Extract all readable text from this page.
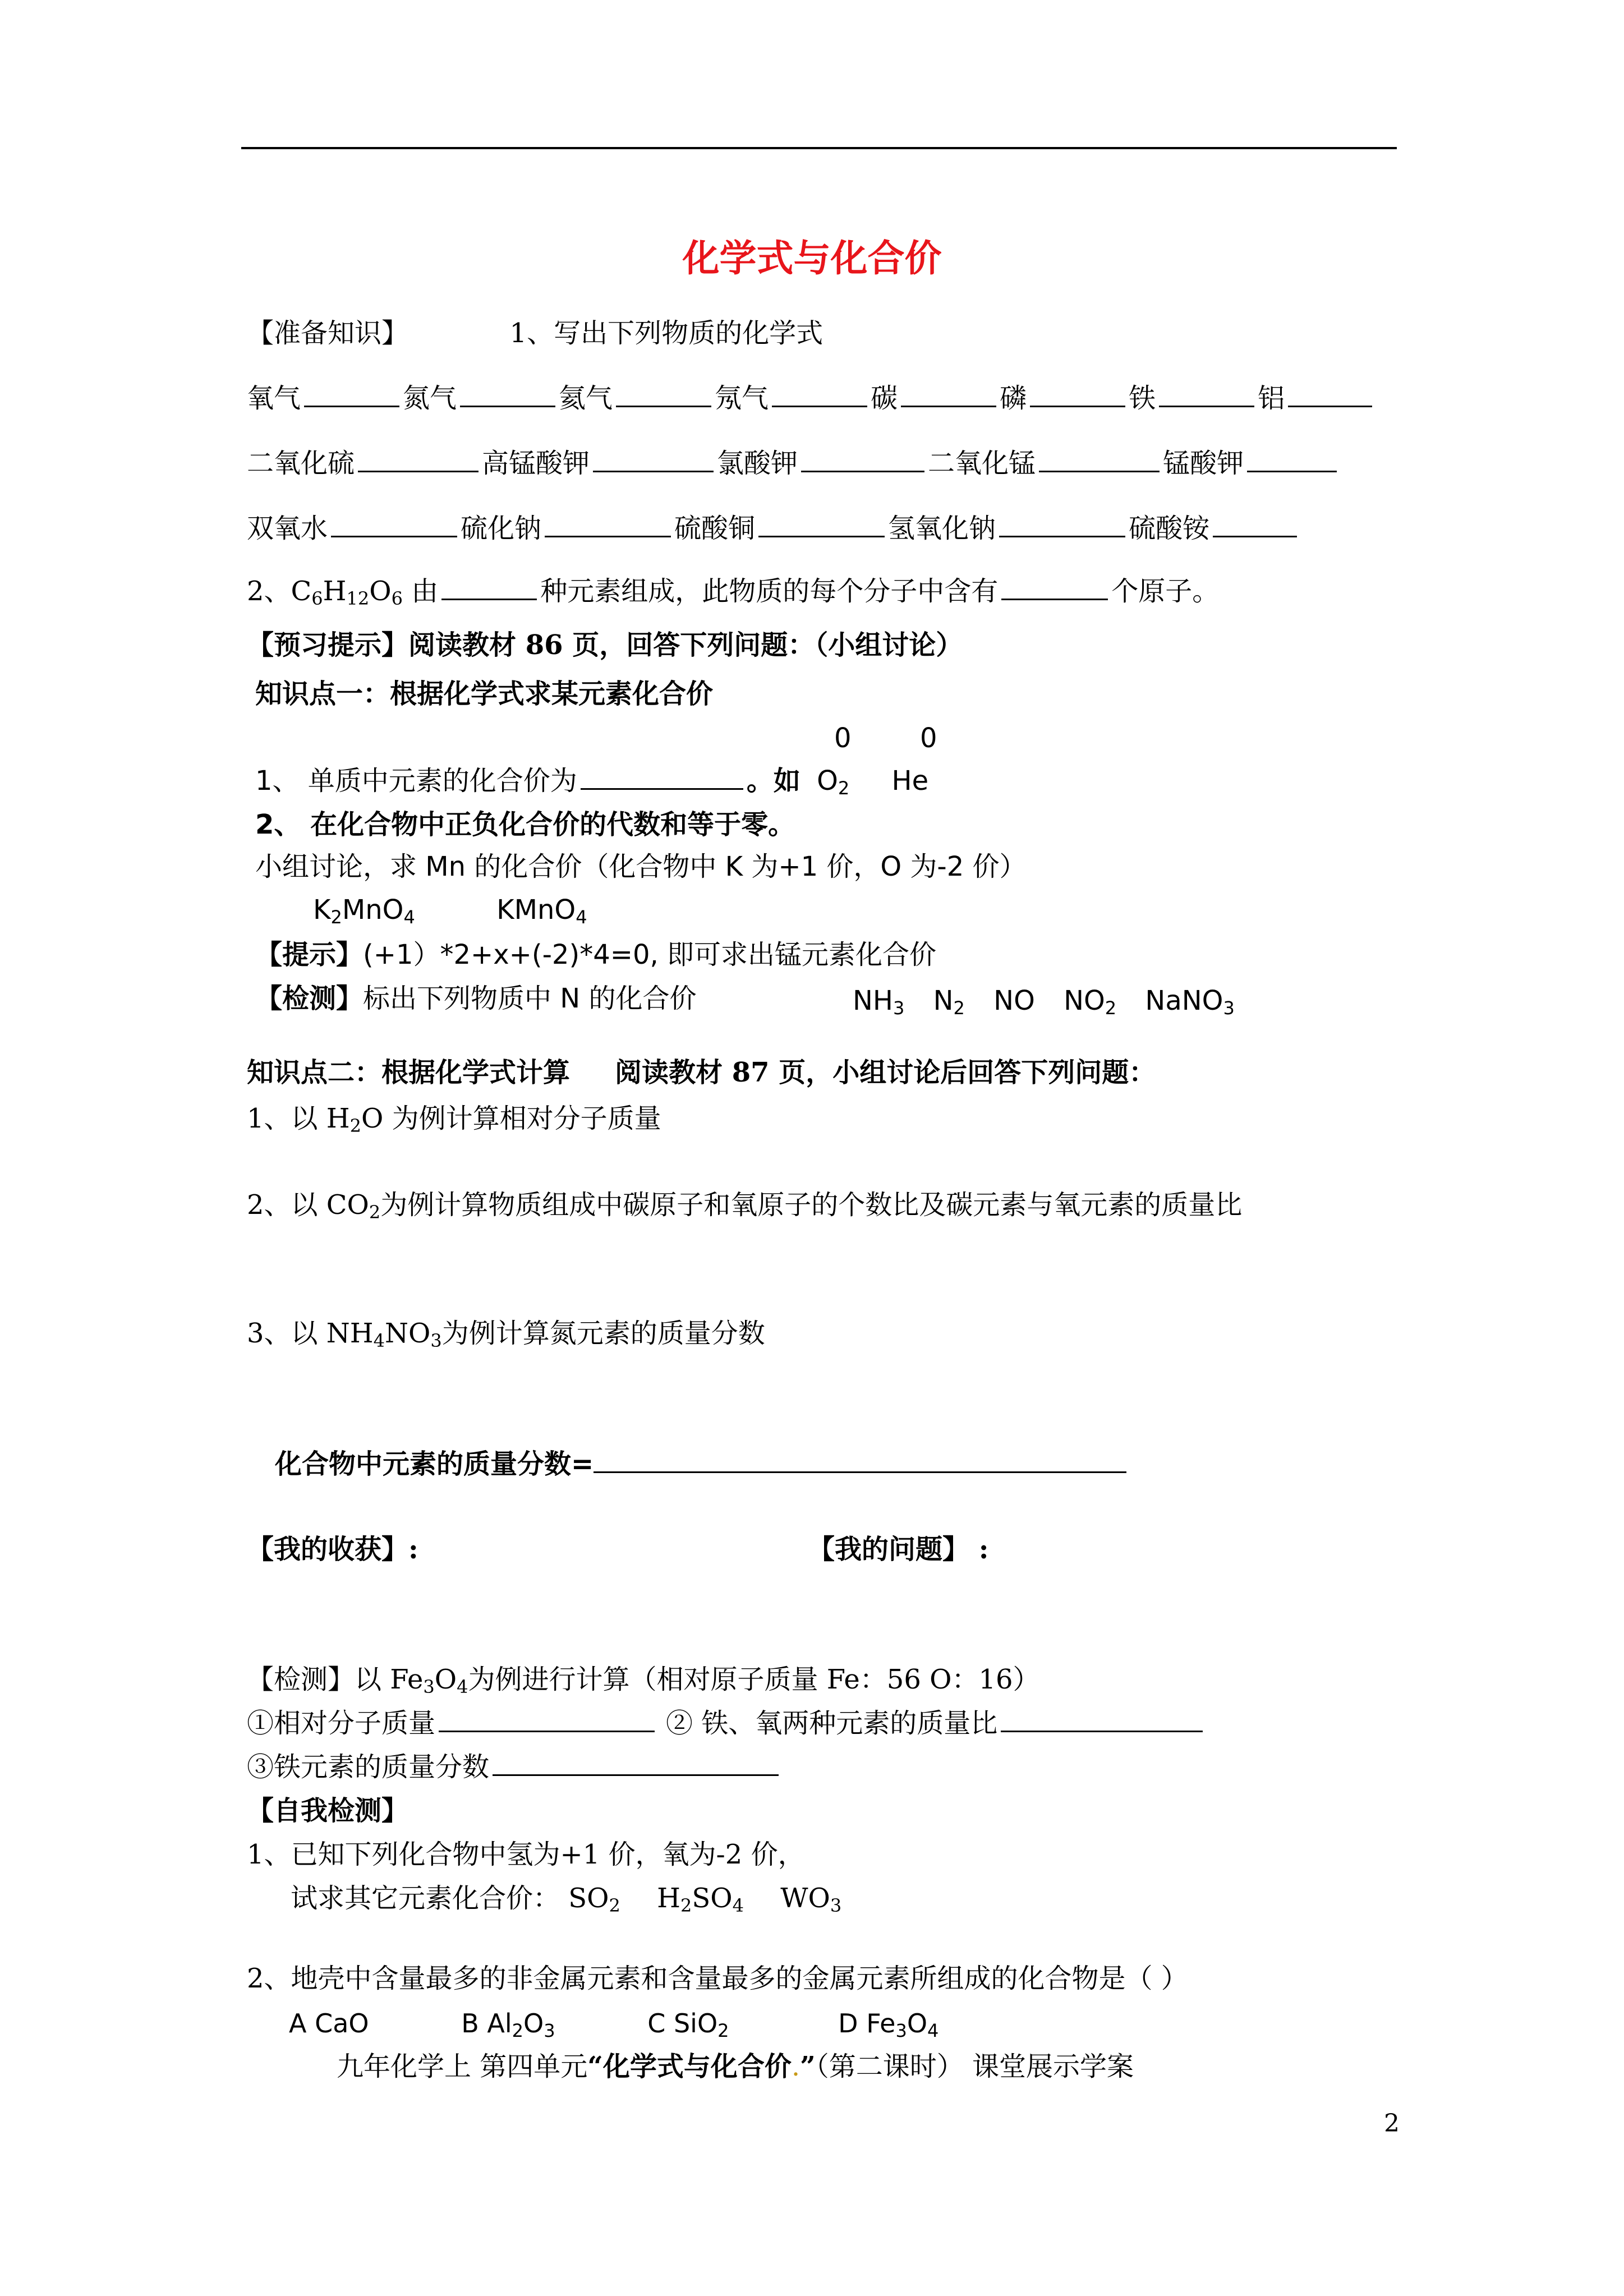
化学式与化合价
【准备知识】	1、写出下列物质的化学式
氧气	氮气	氦气	氖气	碳	磷	铁	铝
二氧化硫	高锰酸钾	氯酸钾	二氧化锰	锰酸钾
双氧水	硫化钠	硫酸铜	氢氧化钠	硫酸铵
2、$C_6H_{12}O_6$ 由	种元素组成，此物质的每个分子中含有	个原子。
【预习提示】阅读教材 86 页，回答下列问题：（小组讨论）
知识点一：根据化学式求某元素化合价
0	0
1、 单质中元素的化合价为	。如 $O_2$ He
2、 在化合物中正负化合价的代数和等于零。
小组讨论，求 Mn 的化合价（化合物中 K 为+1 价，O 为-2 价）
$K_2MnO_4$	KMnO$_4$
【提示】(+1）*2+x+(-2)*4=0, 即可求出锰元素化合价
【检测】标出下列物质中 N 的化合价	$NH_3$ $N_2$ NO $NO_2$ NaNO$_3$
知识点二：根据化学式计算 阅读教材 87 页，小组讨论后回答下列问题：
1、以 $H_2O$ 为例计算相对分子质量
2、以 $CO_2$为例计算物质组成中碳原子和氧原子的个数比及碳元素与氧元素的质量比
3、以 $NH_4NO_3$为例计算氮元素的质量分数
化合物中元素的质量分数=
【我的收获】:	【我的问题】 :
【检测】以 $Fe_3O_4$为例进行计算（相对原子质量 Fe：56 O：16）
①相对分子质量	② 铁、氧两种元素的质量比
③铁元素的质量分数
【自我检测】
1、已知下列化合物中氢为+1 价，氧为-2 价，
试求其它元素化合价： $SO_2$ $H_2SO_4$ $WO_3$
2、地壳中含量最多的非金属元素和含量最多的金属元素所组成的化合物是（ ）
A CaO	B $Al_2O_3$	C SiO$_2$	D $Fe_3O_4$
九年化学上 第四单元“化学式与化合价.”（第二课时） 课堂展示学案
2
